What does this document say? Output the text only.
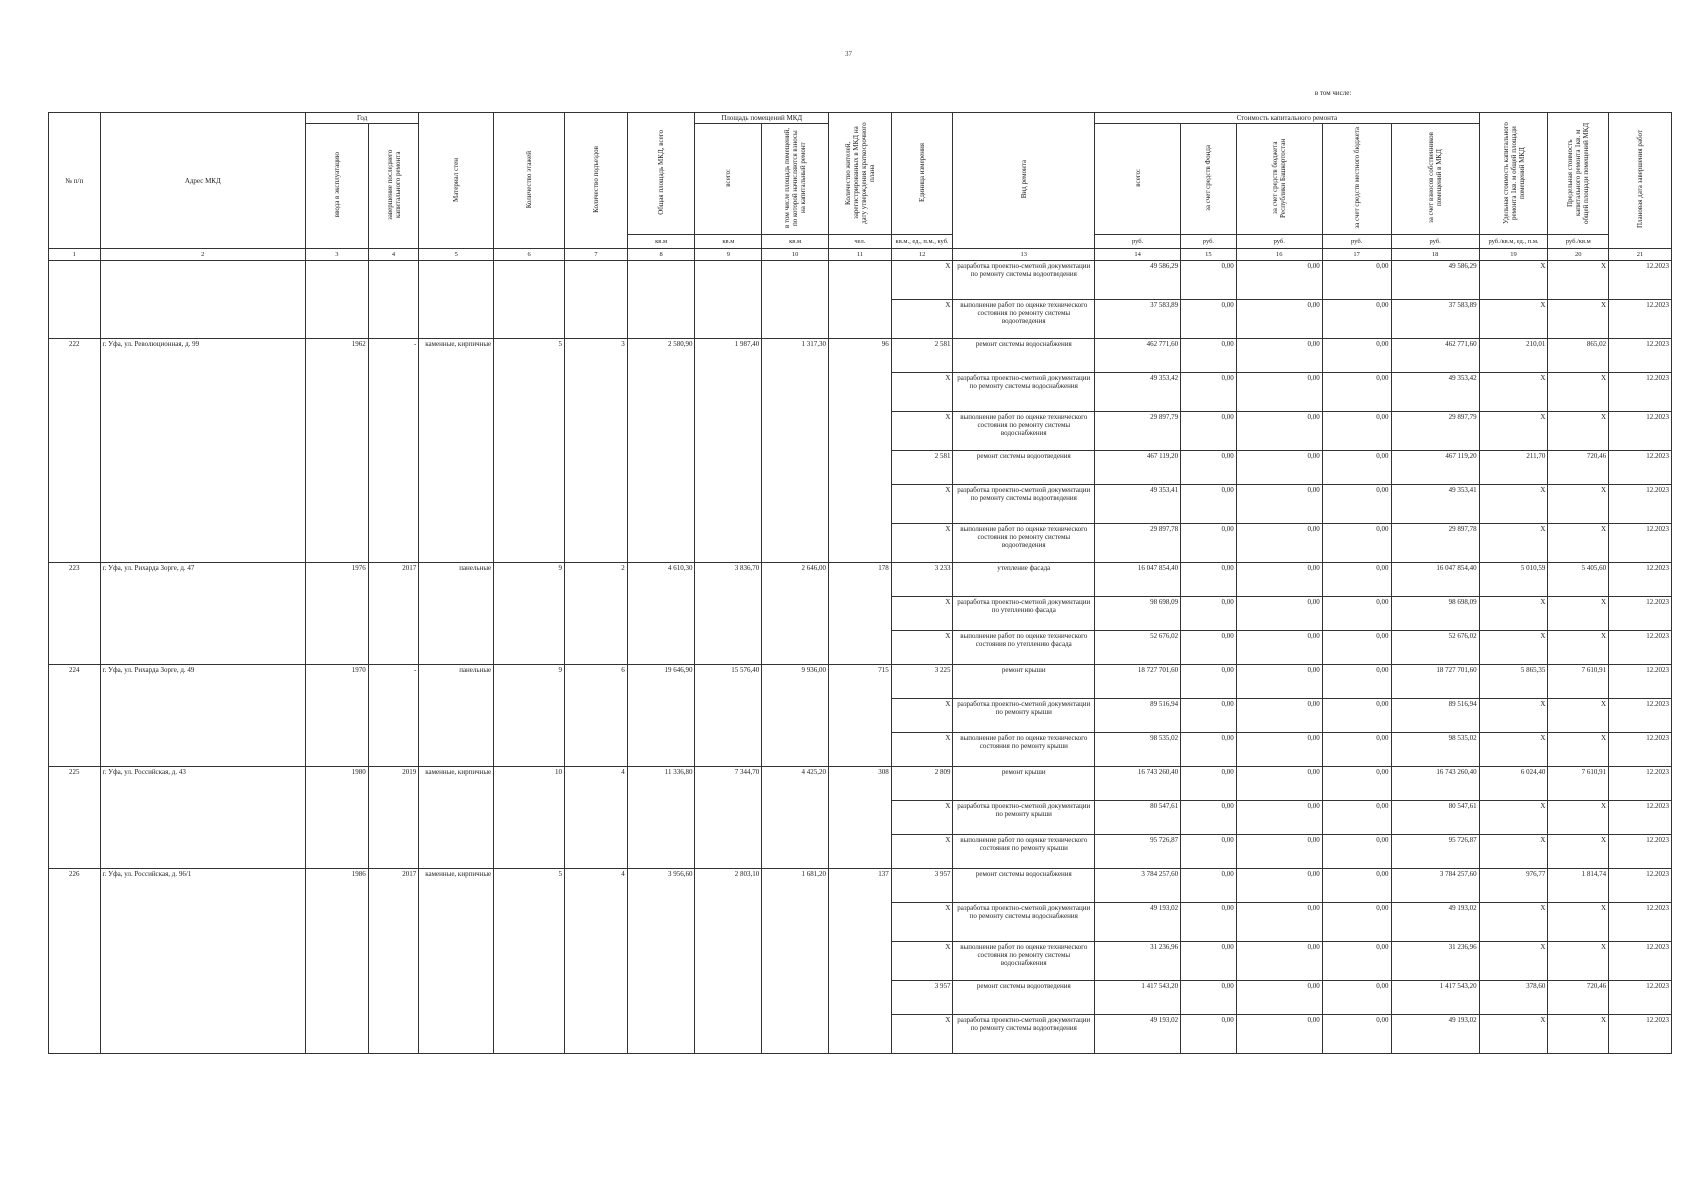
37
№ п/п	Адрес МКД	Год		Материал стен	Количество этажей	Количество подъездов	Общая площадь МКД, всего	Площадь помещений МКД		Количество жителей, зарегистрированных в МКД на дату утверждения краткосрочного плана	Единица измерения	Вид ремонта	Стоимость капитального ремонта					Удельная стоимость капитального ремонта 1кв. м общей площади помещений МКД	Предельная стоимость капитального ремонта 1кв. м общей площади помещений МКД	Плановая дата завершения работ
		ввода в эксплуатацию	завершение последнего капитального ремонта					всего:	в том числе площадь помещений, по которой начисляются взносы на капитальный ремонт				всего:	в том числе:
за счет средств Фонда	за счет средств бюджета Республики Башкортостан	за счет средств местного бюджета	за счет взносов собственников помещений в МКД			
							кв.м	кв.м	кв.м	чел.	кв.м., ед., п.м., куб.		руб.	руб.	руб.	руб.	руб.	руб./кв.м, ед., п.м.	руб./кв.м	
1	2	3	4	5	6	7	8	9	10	11	12	13	14	15	16	17	18	19	20	21
											X	разработка проектно-сметной документации по ремонту системы водоотведения	49 586,29	0,00	0,00	0,00	49 586,29	X	X	12.2023
											X	выполнение работ по оценке технического состояния по ремонту системы водоотведения	37 583,89	0,00	0,00	0,00	37 583,89	X	X	12.2023
222	г. Уфа, ул. Революционная, д. 99	1962	-	каменные, кирпичные	5	3	2 580,90	1 987,40	1 317,30	96	2 581	ремонт системы водоснабжения	462 771,60	0,00	0,00	0,00	462 771,60	210,01	865,02	12.2023
											X	разработка проектно-сметной документации по ремонту системы водоснабжения	49 353,42	0,00	0,00	0,00	49 353,42	X	X	12.2023
											X	выполнение работ по оценке технического состояния по ремонту системы водоснабжения	29 897,79	0,00	0,00	0,00	29 897,79	X	X	12.2023
											2 581	ремонт системы водоотведения	467 119,20	0,00	0,00	0,00	467 119,20	211,70	720,46	12.2023
											X	разработка проектно-сметной документации по ремонту системы водоотведения	49 353,41	0,00	0,00	0,00	49 353,41	X	X	12.2023
											X	выполнение работ по оценке технического состояния по ремонту системы водоотведения	29 897,78	0,00	0,00	0,00	29 897,78	X	X	12.2023
223	г. Уфа, ул. Рихарда Зорге, д. 47	1976	2017	панельные	9	2	4 610,30	3 836,70	2 646,00	178	3 233	утепление фасада	16 047 854,40	0,00	0,00	0,00	16 047 854,40	5 010,59	5 405,60	12.2023
											X	разработка проектно-сметной документации по утеплению фасада	98 698,09	0,00	0,00	0,00	98 698,09	X	X	12.2023
											X	выполнение работ по оценке технического состояния по утеплению фасада	52 676,02	0,00	0,00	0,00	52 676,02	X	X	12.2023
224	г. Уфа, ул. Рихарда Зорге, д. 49	1970	-	панельные	9	6	19 646,90	15 576,40	9 936,00	715	3 225	ремонт крыши	18 727 701,60	0,00	0,00	0,00	18 727 701,60	5 865,35	7 610,91	12.2023
											X	разработка проектно-сметной документации по ремонту крыши	89 516,94	0,00	0,00	0,00	89 516,94	X	X	12.2023
											X	выполнение работ по оценке технического состояния по ремонту крыши	98 535,02	0,00	0,00	0,00	98 535,02	X	X	12.2023
225	г. Уфа, ул. Российская, д. 43	1980	2019	каменные, кирпичные	10	4	11 336,80	7 344,70	4 425,20	308	2 809	ремонт крыши	16 743 260,40	0,00	0,00	0,00	16 743 260,40	6 024,40	7 610,91	12.2023
											X	разработка проектно-сметной документации по ремонту крыши	80 547,61	0,00	0,00	0,00	80 547,61	X	X	12.2023
											X	выполнение работ по оценке технического состояния по ремонту крыши	95 726,87	0,00	0,00	0,00	95 726,87	X	X	12.2023
226	г. Уфа, ул. Российская, д. 96/1	1986	2017	каменные, кирпичные	5	4	3 956,60	2 803,10	1 681,20	137	3 957	ремонт системы водоснабжения	3 784 257,60	0,00	0,00	0,00	3 784 257,60	976,77	1 814,74	12.2023
											X	разработка проектно-сметной документации по ремонту системы водоснабжения	49 193,02	0,00	0,00	0,00	49 193,02	X	X	12.2023
											X	выполнение работ по оценке технического состояния по ремонту системы водоснабжения	31 236,96	0,00	0,00	0,00	31 236,96	X	X	12.2023
											3 957	ремонт системы водоотведения	1 417 543,20	0,00	0,00	0,00	1 417 543,20	378,60	720,46	12.2023
											X	разработка проектно-сметной документации по ремонту системы водоотведения	49 193,02	0,00	0,00	0,00	49 193,02	X	X	12.2023
